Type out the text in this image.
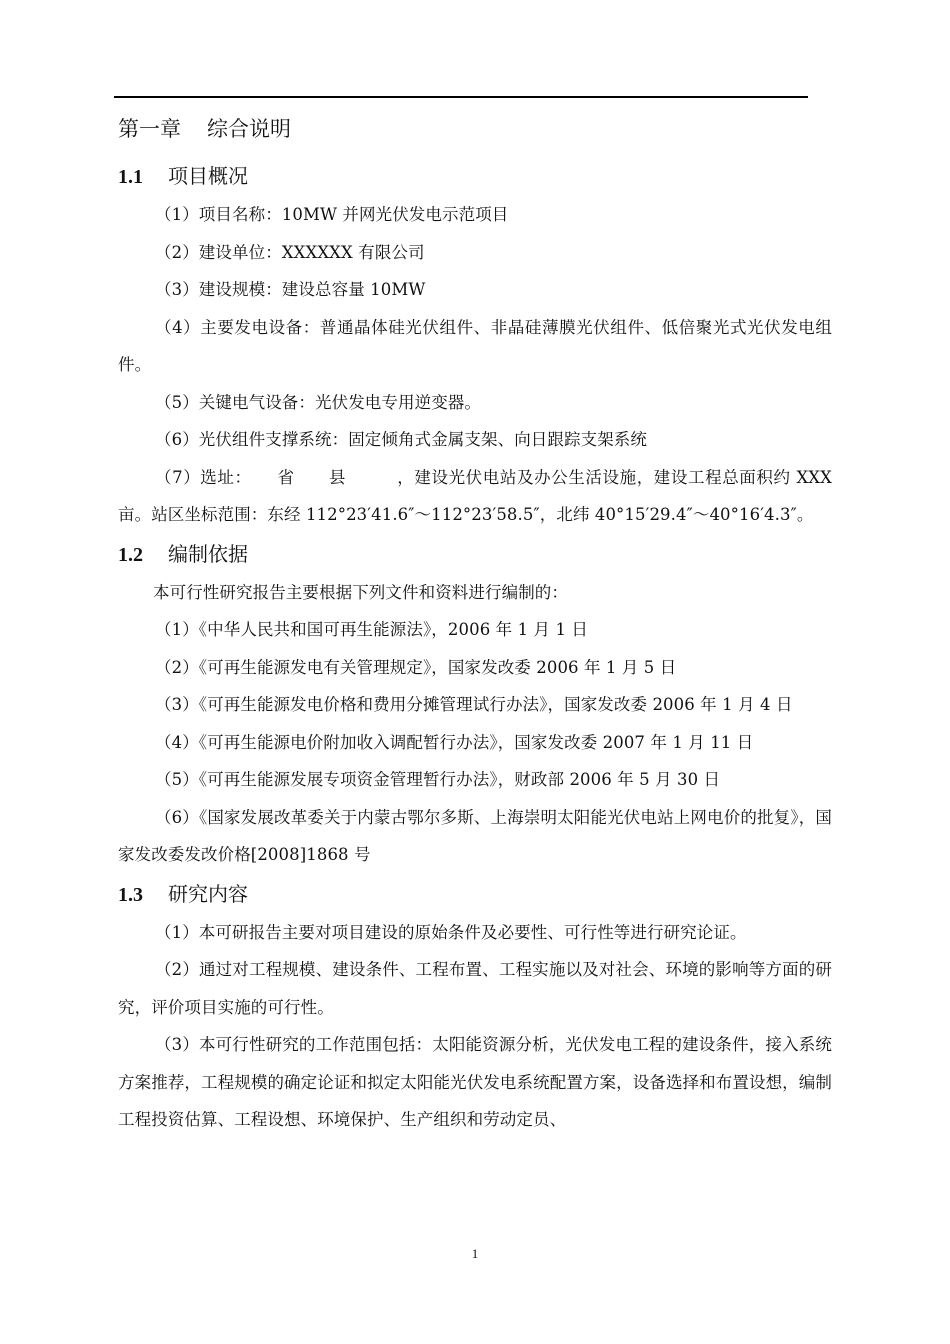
第一章 综合说明
1.1 项目概况

（1）项目名称：10MW 并网光伏发电示范项目

（2）建设单位：XXXXXX 有限公司

（3）建设规模：建设总容量 10MW

（4）主要发电设备：普通晶体硅光伏组件、非晶硅薄膜光伏组件、低倍聚光式光伏发电组件。

（5）关键电气设备：光伏发电专用逆变器。

（6）光伏组件支撑系统：固定倾角式金属支架、向日跟踪支架系统

（7）选址：　　省　　县　　　，建设光伏电站及办公生活设施，建设工程总面积约 XXX 亩。站区坐标范围：东经 112°23′41.6″～112°23′58.5″，北纬 40°15′29.4″～40°16′4.3″。

1.2 编制依据

本可行性研究报告主要根据下列文件和资料进行编制的：

（1）《中华人民共和国可再生能源法》，2006 年 1 月 1 日

（2）《可再生能源发电有关管理规定》，国家发改委 2006 年 1 月 5 日

（3）《可再生能源发电价格和费用分摊管理试行办法》，国家发改委 2006 年 1 月 4 日

（4）《可再生能源电价附加收入调配暂行办法》，国家发改委 2007 年 1 月 11 日

（5）《可再生能源发展专项资金管理暂行办法》，财政部 2006 年 5 月 30 日

（6）《国家发展改革委关于内蒙古鄂尔多斯、上海崇明太阳能光伏电站上网电价的批复》，国家发改委发改价格[2008]1868 号

1.3 研究内容

（1）本可研报告主要对项目建设的原始条件及必要性、可行性等进行研究论证。

（2）通过对工程规模、建设条件、工程布置、工程实施以及对社会、环境的影响等方面的研究，评价项目实施的可行性。

（3）本可行性研究的工作范围包括：太阳能资源分析，光伏发电工程的建设条件，接入系统方案推荐，工程规模的确定论证和拟定太阳能光伏发电系统配置方案，设备选择和布置设想，编制工程投资估算、工程设想、环境保护、生产组织和劳动定员、

1
